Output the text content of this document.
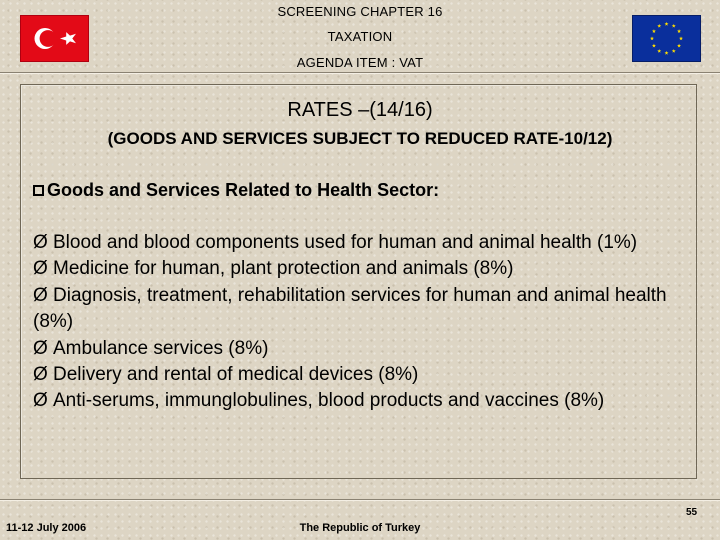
SCREENING CHAPTER 16
TAXATION
AGENDA ITEM : VAT
RATES –(14/16)
(GOODS AND SERVICES SUBJECT TO REDUCED RATE-10/12)
Goods and Services Related to Health Sector:
Ø Blood and blood components used for human and animal health (1%)
Ø Medicine for human, plant protection and animals (8%)
Ø Diagnosis, treatment, rehabilitation services for human and animal health (8%)
Ø Ambulance services (8%)
Ø Delivery and rental of medical devices (8%)
Ø Anti-serums, immunglobulines, blood products and vaccines (8%)
55
11-12 July 2006	The Republic of Turkey
